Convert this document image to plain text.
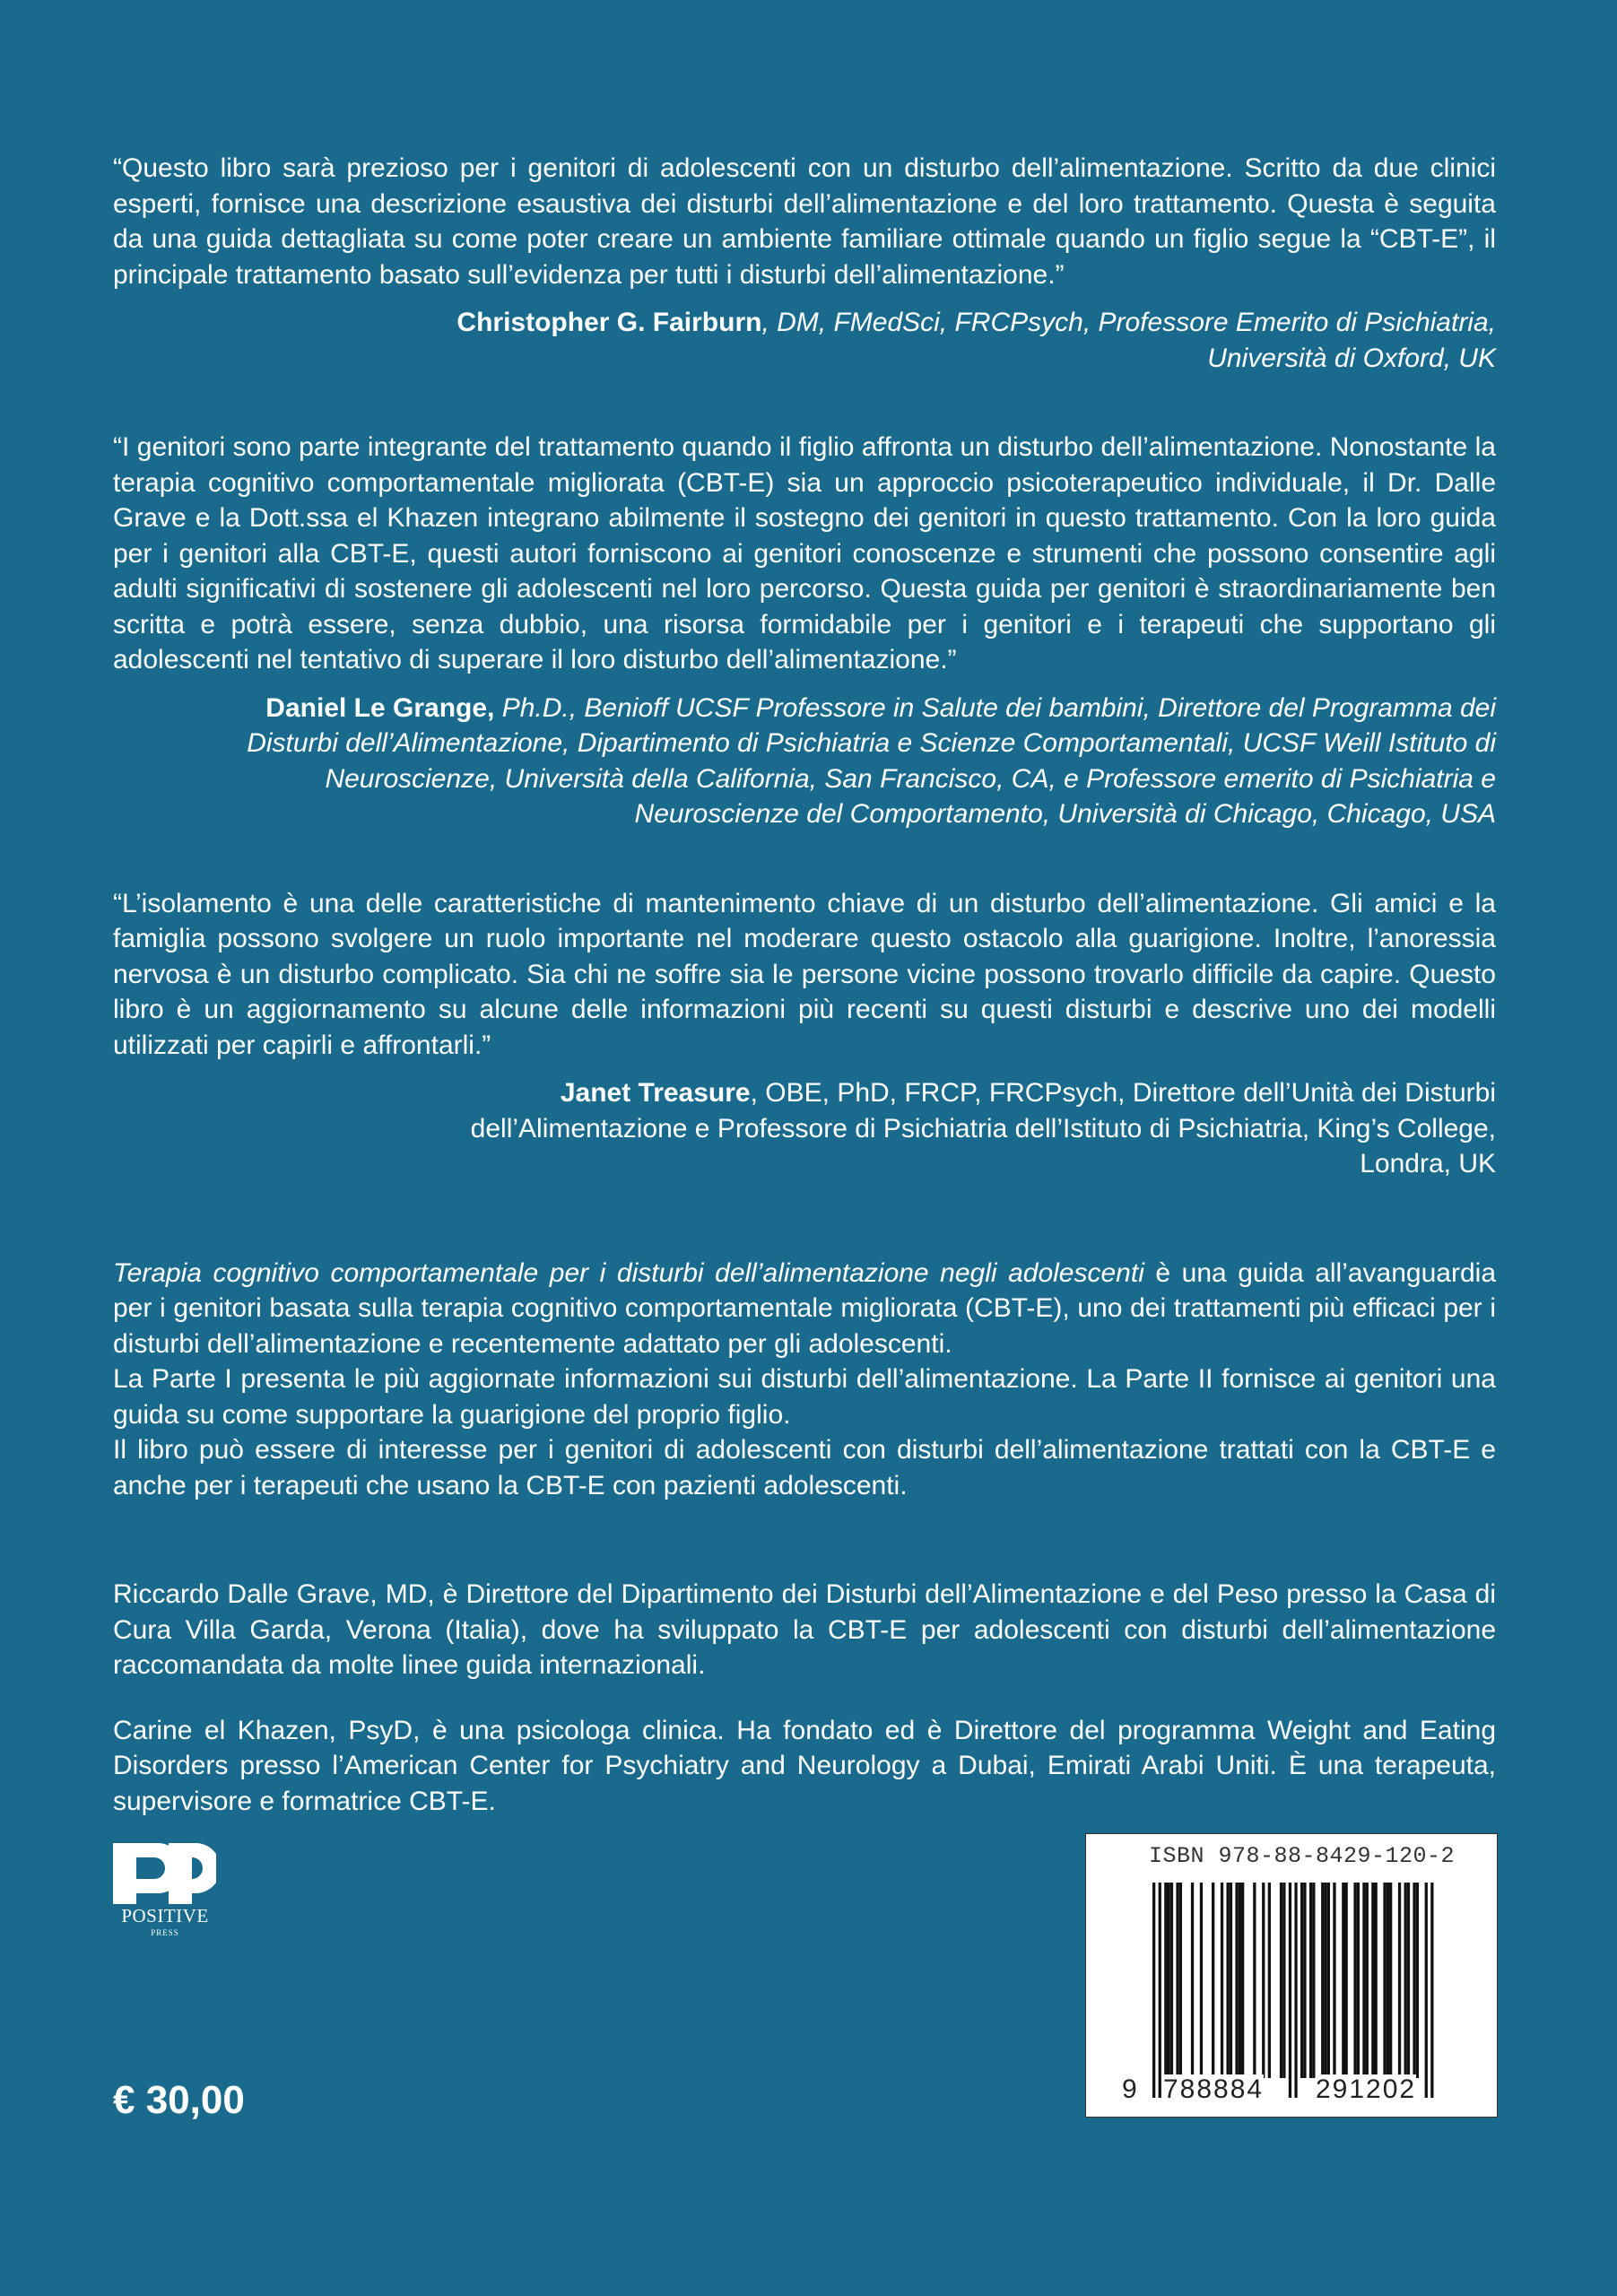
“Questo libro sarà prezioso per i genitori di adolescenti con un disturbo dell’alimentazione. Scritto da due clinici esperti, fornisce una descrizione esaustiva dei disturbi dell’alimentazione e del loro trattamento. Questa è seguita da una guida dettagliata su come poter creare un ambiente familiare ottimale quando un figlio segue la “CBT-E”, il principale trattamento basato sull’evidenza per tutti i disturbi dell’alimentazione.”

Christopher G. Fairburn, DM, FMedSci, FRCPsych, Professore Emerito di Psichiatria,
Università di Oxford, UK

“I genitori sono parte integrante del trattamento quando il figlio affronta un disturbo dell’alimentazione. Nonostante la terapia cognitivo comportamentale migliorata (CBT-E) sia un approccio psicoterapeutico individuale, il Dr. Dalle Grave e la Dott.ssa el Khazen integrano abilmente il sostegno dei genitori in questo trattamento. Con la loro guida per i genitori alla CBT-E, questi autori forniscono ai genitori conoscenze e strumenti che possono consentire agli adulti significativi di sostenere gli adolescenti nel loro percorso. Questa guida per genitori è straordinariamente ben scritta e potrà essere, senza dubbio, una risorsa formidabile per i genitori e i terapeuti che supportano gli adolescenti nel tentativo di superare il loro disturbo dell’alimentazione.”

Daniel Le Grange, Ph.D., Benioff UCSF Professore in Salute dei bambini, Direttore del Programma dei Disturbi dell’Alimentazione, Dipartimento di Psichiatria e Scienze Comportamentali, UCSF Weill Istituto di Neuroscienze, Università della California, San Francisco, CA, e Professore emerito di Psichiatria e Neuroscienze del Comportamento, Università di Chicago, Chicago, USA

“L’isolamento è una delle caratteristiche di mantenimento chiave di un disturbo dell’alimentazione. Gli amici e la famiglia possono svolgere un ruolo importante nel moderare questo ostacolo alla guarigione. Inoltre, l’anoressia nervosa è un disturbo complicato. Sia chi ne soffre sia le persone vicine possono trovarlo difficile da capire. Questo libro è un aggiornamento su alcune delle informazioni più recenti su questi disturbi e descrive uno dei modelli utilizzati per capirli e affrontarli.”

Janet Treasure, OBE, PhD, FRCP, FRCPsych, Direttore dell’Unità dei Disturbi dell’Alimentazione e Professore di Psichiatria dell’Istituto di Psichiatria, King’s College, Londra, UK

Terapia cognitivo comportamentale per i disturbi dell’alimentazione negli adolescenti è una guida all’avanguardia per i genitori basata sulla terapia cognitivo comportamentale migliorata (CBT-E), uno dei trattamenti più efficaci per i disturbi dell’alimentazione e recentemente adattato per gli adolescenti.

La Parte I presenta le più aggiornate informazioni sui disturbi dell’alimentazione. La Parte II fornisce ai genitori una guida su come supportare la guarigione del proprio figlio.

Il libro può essere di interesse per i genitori di adolescenti con disturbi dell’alimentazione trattati con la CBT-E e anche per i terapeuti che usano la CBT-E con pazienti adolescenti.

Riccardo Dalle Grave, MD, è Direttore del Dipartimento dei Disturbi dell’Alimentazione e del Peso presso la Casa di Cura Villa Garda, Verona (Italia), dove ha sviluppato la CBT-E per adolescenti con disturbi dell’alimentazione raccomandata da molte linee guida internazionali.

Carine el Khazen, PsyD, è una psicologa clinica. Ha fondato ed è Direttore del programma Weight and Eating Disorders presso l’American Center for Psychiatry and Neurology a Dubai, Emirati Arabi Uniti. È una terapeuta, supervisore e formatrice CBT-E.

POSITIVE
PRESS
€ 30,00
ISBN 978-88-8429-120-2
9 788884 291202
